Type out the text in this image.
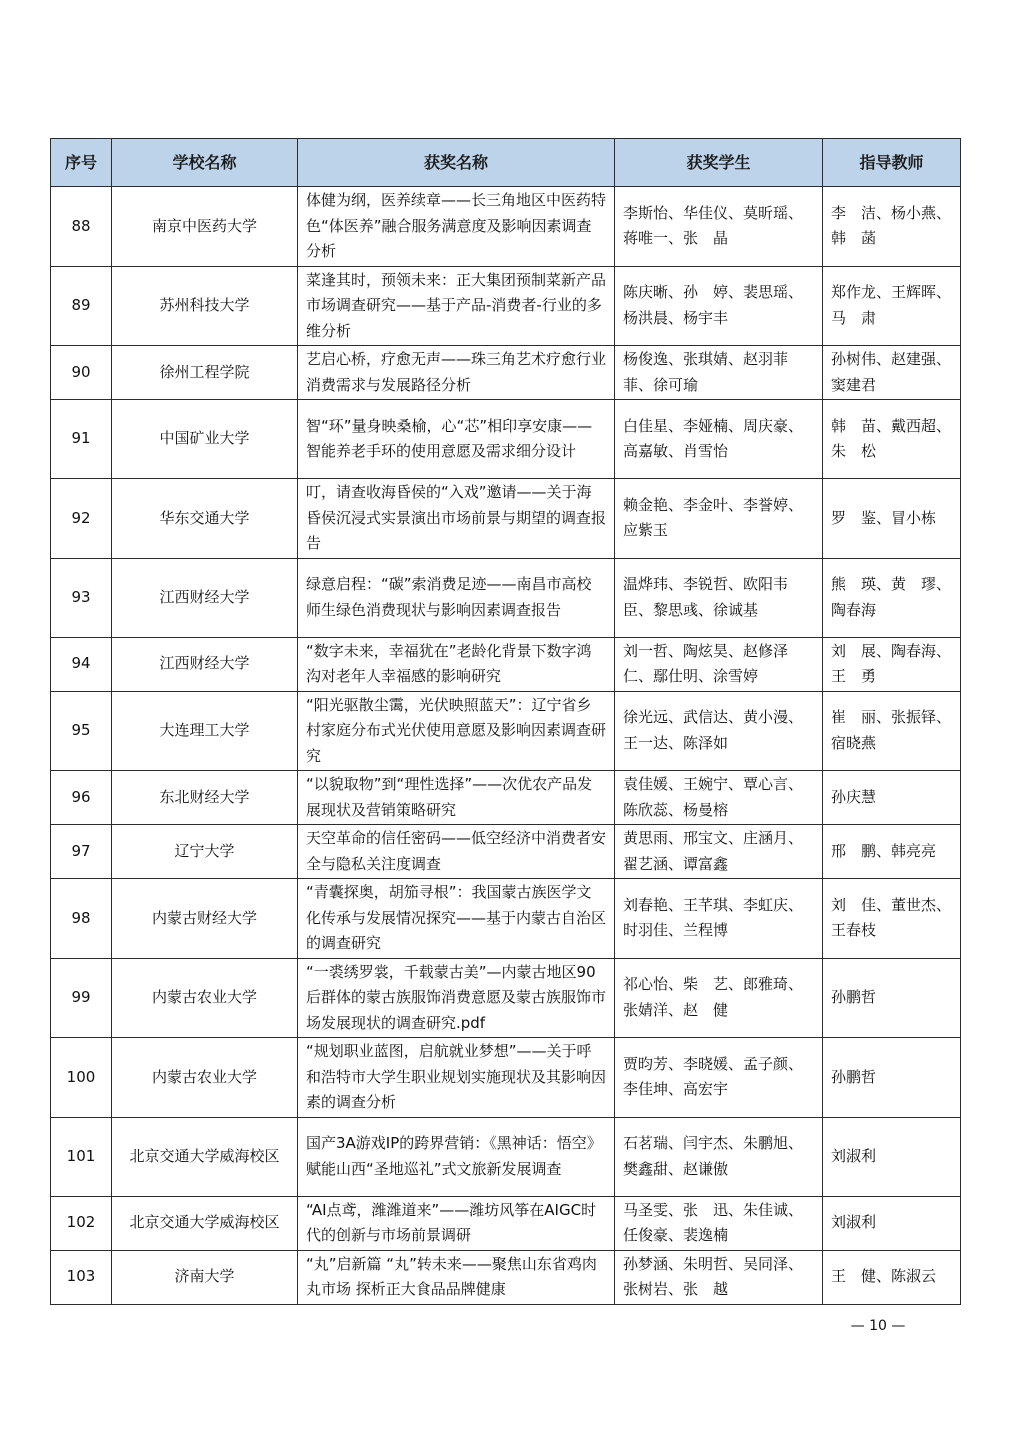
序号	学校名称	获奖名称	获奖学生	指导教师
88	南京中医药大学	体健为纲，医养续章——长三角地区中医药特色“体医养”融合服务满意度及影响因素调查分析	李斯怡、华佳仪、莫昕瑶、蒋唯一、张　晶	李　洁、杨小燕、韩　菡
89	苏州科技大学	菜逢其时，预领未来：正大集团预制菜新产品市场调查研究——基于产品-消费者-行业的多维分析	陈庆晰、孙　婷、裴思瑶、杨洪晨、杨宇丰	郑作龙、王辉晖、马　肃
90	徐州工程学院	艺启心桥，疗愈无声——珠三角艺术疗愈行业消费需求与发展路径分析	杨俊逸、张琪婧、赵羽菲菲、徐可瑜	孙树伟、赵建强、窦建君
91	中国矿业大学	智“环”量身映桑榆，心“芯”相印享安康——智能养老手环的使用意愿及需求细分设计	白佳星、李娅楠、周庆豪、高嘉敏、肖雪怡	韩　苗、戴西超、朱　松
92	华东交通大学	叮，请查收海昏侯的“入戏”邀请——关于海昏侯沉浸式实景演出市场前景与期望的调查报告	赖金艳、李金叶、李誉婷、应紫玉	罗　鉴、冒小栋
93	江西财经大学	绿意启程：“碳”索消费足迹——南昌市高校师生绿色消费现状与影响因素调查报告	温烨玮、李锐哲、欧阳韦臣、黎思彧、徐诚基	熊　瑛、黄　璆、陶春海
94	江西财经大学	“数字未来，幸福犹在”老龄化背景下数字鸿沟对老年人幸福感的影响研究	刘一哲、陶炫昊、赵修泽仁、鄢仕明、涂雪婷	刘　展、陶春海、王　勇
95	大连理工大学	“阳光驱散尘霭，光伏映照蓝天”：辽宁省乡村家庭分布式光伏使用意愿及影响因素调查研究	徐光远、武信达、黄小漫、王一达、陈泽如	崔　丽、张振铎、宿晓燕
96	东北财经大学	“以貌取物”到“理性选择”——次优农产品发展现状及营销策略研究	袁佳媛、王婉宁、覃心言、陈欣蕊、杨曼榕	孙庆慧
97	辽宁大学	天空革命的信任密码——低空经济中消费者安全与隐私关注度调查	黄思雨、邢宝文、庄涵月、翟艺涵、谭富鑫	邢　鹏、韩亮亮
98	内蒙古财经大学	“青囊探奥，胡笳寻根”：我国蒙古族医学文化传承与发展情况探究——基于内蒙古自治区的调查研究	刘春艳、王芊琪、李虹庆、时羽佳、兰程博	刘　佳、董世杰、王春枝
99	内蒙古农业大学	“一裘绣罗裳，千载蒙古美”—内蒙古地区90后群体的蒙古族服饰消费意愿及蒙古族服饰市场发展现状的调查研究.pdf	祁心怡、柴　艺、郎雅琦、张婧洋、赵　健	孙鹏哲
100	内蒙古农业大学	“规划职业蓝图，启航就业梦想”——关于呼和浩特市大学生职业规划实施现状及其影响因素的调查分析	贾昀芳、李晓媛、孟子颜、李佳坤、高宏宇	孙鹏哲
101	北京交通大学威海校区	国产3A游戏IP的跨界营销：《黑神话：悟空》赋能山西“圣地巡礼”式文旅新发展调查	石茗瑞、闫宇杰、朱鹏旭、樊鑫甜、赵谦傲	刘淑利
102	北京交通大学威海校区	“AI点鸢，潍潍道来”——潍坊风筝在AIGC时代的创新与市场前景调研	马圣雯、张　迅、朱佳诚、任俊豪、裴逸楠	刘淑利
103	济南大学	“丸”启新篇 “丸”转未来——聚焦山东省鸡肉丸市场 探析正大食品品牌健康	孙梦涵、朱明哲、吴同泽、张树岩、张　越	王　健、陈淑云
— 10 —
